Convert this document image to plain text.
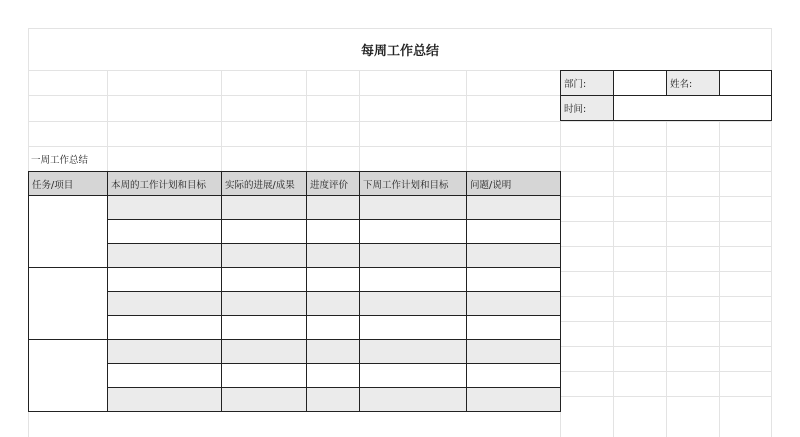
每周工作总结
部门:	姓名:
时间:
一周工作总结
任务/项目	本周的工作计划和目标	实际的进展/成果	进度评价	下周工作计划和目标	问题/说明
